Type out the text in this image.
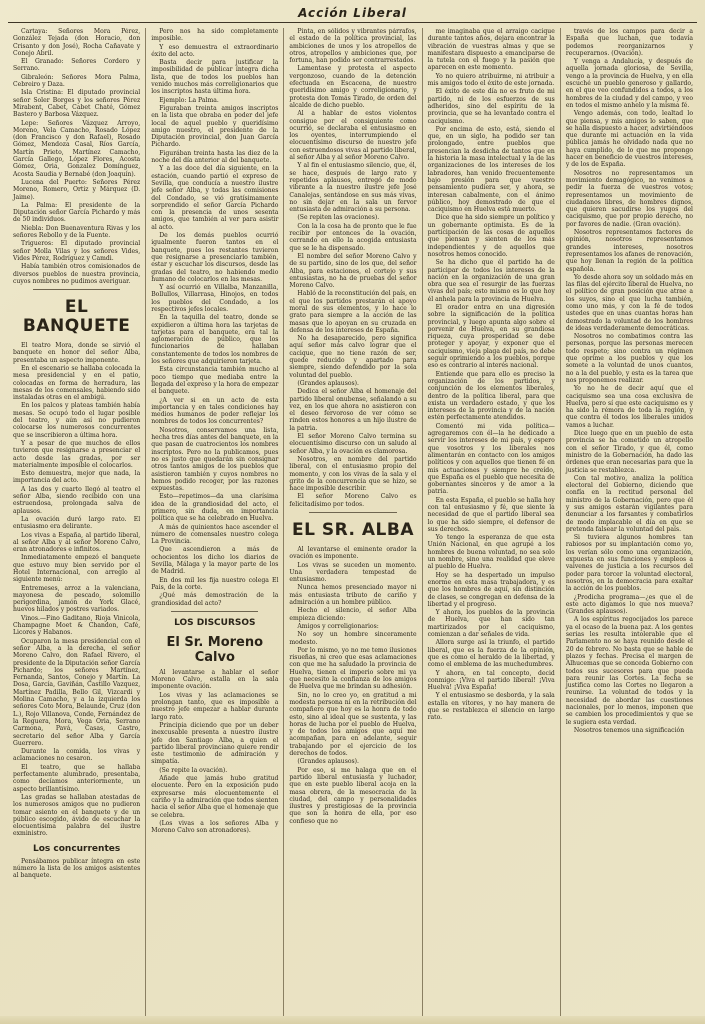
Acción Liberal

Cartaya: Señores Mora Pérez, González Tejada (don Horacio, don Crisanto y don José), Rocha Cañavate y Conejo Abril.

El Granado: Señores Cordero y Serrano.

Gibraleón: Señores Mora Palma, Cebreiro y Daza.

Isla Cristina: El diputado provincial señor Soler Borges y los señores Pérez Mirabent, Cabet, Cabet Chaté, Gómez Bastero y Barbosa Vázquez.

Lepe: Señores Vázquez Arroyo, Moreno, Vela Camacho, Rosado López (don Francisco y don Rafael), Rosado Gómez, Mendoza Casal, Ríos García, Martín Prieto, Martínez Camacho, García Gallego, López Flores, Acosta Gómez, Oria, Gonzalez Domínguez, Acosta Saudia y Bernabé (don Joaquín).

Lucena del Puerto: Señores Pérez Moreno, Romero, Ortiz y Márquez (D. Jaime).

La Palma: El presidente de la Diputación señor García Pichardo y más de 50 individuos.

Niebla: Don Buenaventura Rivas y los señores Rebollo y de la Fuente.

Trigueros: El diputado provincial señor Molla Vilas y los señores Vides, Vides Pérez, Rodríguez y Camdi.

Había también otros comisionados de diversos pueblos de nuestra provincia, cuyos nombres no pudimos averiguar.

EL BANQUETE

El teatro Mora, donde se sirvió el banquete en honor del señor Alba, presentaba un aspecto imponente.

En el escenario se hallaba colocada la mesa presidencial y en el patio, colocadas en forma de herradura, las mesas de los comensales, habiendo sido instaladas otras en el ambigú.

En los palcos y plateas también había mesas. Se ocupó todo el lugar posible del teatro, y aún así no pudieron colocarse los numerosos concurrentes que se inscribieron a última hora.

Y a pesar de que muchos de ellos tuvieron que resignarse a presenciar el acto desde las gradas, por ser materialmente imposible el colocarlos.

Esto demuestra, mejor que nada, la importancia del acto.

A las dos y cuarto llegó al teatro el señor Alba, siendo recibido con una estruendosa, prolongada salva de aplausos.

La ovación duró largo rato. El entusiasmo era delirante.

Los vivas a España, al partido liberal, al señor Alba y al señor Moreno Calvo, eran atronadores e infinitos.

Inmediatamente empezó el banquete que estuvo muy bien servido por el Hotel Internacional, con arreglo al siguiente menú:

Entremeses, arroz a la valenciana, mayonesa de pescado, solomillo perigordina, jamón de York Glacé, huevos hilados y postres variados.

Vinos.—Fino Gaditano, Rioja Vinicola, Champagne Moet & Chandon, Café, Licores y Habanos.

Ocuparon la mesa presidencial con el señor Alba, a la derecha, el señor Moreno Calvo, don Rafael Rivero, el presidente de la Diputación señor García Pichardo; los señores Martínez, Fernanda, Santos, Conejo y Martín. La Dosa, García, Gaviñán, Castillo Vazquez, Martínez Padilla, Bello Gil, Vizcardi y Molina Camacho, y a la izquierda los señores Coto Mora, Belaunde, Cruz (don L.), Rojo Villanova, Conde, Fernández de la Reguera, Mora, Vega Oria, Serrano Carmona, Pavá, Casas, Castro, secretario del señor Alba y García Guerrero.

Durante la comida, los vivas y aclamaciones no cesaron.

El teatro, que se hallaba perfectamente alumbrado, presentaba, como decíamos anteriormente, un aspecto brillantísimo.

Las gradas se hallaban atestadas de los numerosos amigos que no pudieron tomar asiento en el banquete y de un público escogido, ávido de escuchar la elocuentísima palabra del ilustre exministro.

Los concurrentes

Pensábamos publicar íntegra en este número la lista de los amigos asistentes al banquete.

Pero nos ha sido completamente imposible.

Y eso demuestra el extraordinario éxito del acto.

Basta decir para justificar la imposibilidad de publicar íntegra dicha lista, que de todos los pueblos han venido muchos más correligionarios que los inscriptos hasta última hora.

Ejemplo: La Palma.

Figuraban treinta amigos inscriptos en la lista que obraba en poder del jefe local de aquel pueblo y queridísimo amigo nuestro, el presidente de la Diputación provincial, don Juan García Pichardo.

Figurában treinta hasta las diez de la noche del día anterior al del banquete.

Y a las doce del día siguiente, en la estación, cuando partió el expreso de Sevilla, que conducía a nuestro ilustre jefe señor Alba, y todas las comisiones del Condado, se vió gratísimamente sorprendido el señor García Pichardo con la presencia de unos sesenta amigos, que también al ver para asistir al acto.

De los demás pueblos ocurrió igualmente fueron tantos en el banquete, pues los restantes tuvieron que resignarse a presenciarlo también, estar y escuchar los discursos, desde las gradas del teatro, no habiendo medio humano de colocarlos en las mesas.

Y así ocurrió en Villalba, Manzanilla, Bollullos, Villarrasa, Hinojos, en todos los pueblos del Condado, a los respectivos jefes locales.

En la taquilla del teatro, donde se expidieron a última hora las tarjetas de tarjetas para el banquete, era tal la aglomeración de público, que los funcionarios de hallaban constantemente de todos los nombres de los señores que adquirieron tarjeta.

Esta circunstancia también mucho al poco tiempo que mediaba entre la llegada del expreso y la hora de empezar el banquete.

¿A ver si en un acto de esta importancia y en tales condiciones hay medios humanos de poder reflejar los nombres de todos los concurrentes?

Nosotros, conservamos una lista, hecha tres días antes del banquete, en la que pasan de cuatrocientos los nombres inscriptos. Pero no la publicamos, pues no es justo que quedarán sin consignar otros tantos amigos de los pueblos que asistieron también y cuyos nombres no hemos podido recoger, por las razones expuestas.

Esto—repetimos—da una clarísima idea de la grandiosidad del acto, el primero, sin duda, en importancia política que se ha celebrado en Huelva.

A más de quinientos hace ascender el número de comensales nuestro colega La Provincia.

Que ascendieron a más de ochocientos los dicho los diarios de Sevilla, Málaga y la mayor parte de los de Madrid.

En dos mil les fija nuestro colega El Pais, de la corte.

¿Qué más demostración de la grandiosidad del acto?

LOS DISCURSOS
El Sr. Moreno Calvo

Al levantarse a hablar el señor Moreno Calvo, estalla en la sala imponente ovación.

Los vivas y las aclamaciones se prolongan tanto, que es imposible a nuestro jefe empezar a hablar durante largo rato.

Principia diciendo que por un deber inexcusable presenta a nuestro ilustre jefe don Santiago Alba, a quien el partido liberal provinciano quiere rendir este testimonio de admiración y simpatía.

(Se repite la ovación).

Añade que jamás hubo gratitud elocuente. Pero en la exposición pudo expresarse más elocuentemente el cariño y la admiración que todos sienten hacia el señor Alba que el homenaje que se celebra.

(Los vivas a los señores Alba y Moreno Calvo son atronadores).

Pinta, en sólidos y vibrantes párrafos, el estado de la política provincial, las ambiciones de unos y los atropellos de otros, atropellos y ambiciones que, por fortuna, han podido ser contrarrestados.

Lamentase y protesta el aspecto vergonzoso, cuando de la detención efectuada en Escacena, de nuestro queridísimo amigo y correligionario, y protesta don Tomás Tirado, de orden del alcalde de dicho pueblo.

Al a hablar de estos violentos consigue por el consiguiente como ocurrió, se declaraba el entusiasmo en los oyentes, interrumpiendo el elocuentísimo discurso de nuestro jefe con estruendosos vivas al partido liberal, al señor Alba y al señor Moreno Calvo.

Y al fin el entusiasmo silencio, que, él, se hace, después de largo rato y repetidos aplausos, entregó de modo vibrante a la nuestro ilustre jefe José Canalejas, sentándose en sus más vivas, no sin dejar en la sala un fervor entusiasta de admiración a su persona.

(Se repiten las ovaciones).

Con la la cosa ha de pronto que le fue recibir por entonces de la ovación, cerrando en ello la acogida entusiasta que se le ha dispensado.

El nombre del señor Moreno Calvo y de su partido, sino de los que, del señor Alba, para estaciones, el cortejo y sus entusiastas, no ha de pruebas del señor Moreno Calvo.

Habló de la reconstitución del país, en el que los partidos prestarán el apoyo moral de sus elementos, y lo hace lo grato para siempre a la acción de las masas que lo apoyan en su cruzada en defensa de los intereses de España.

No ha desaparecido, pero significa aquí señor más calvo lograr que el cacique, que no tiene razón de ser, quede reducido y apartado para siempre, siendo defendido por la sola voluntad del pueblo.

(Grandes aplausos).

Dedica el señor Alba el homenaje del partido liberal onubense, señalando a su vez, en los que ahora no asistieron con el deseo fervoroso de ver cómo se rinden estos honores a un hijo ilustre de la patria.

El señor Moreno Calvo termina su elocuentísimo discurso con un saludo al señor Alba, y la ovación es clamorosa.

Nosotros, en nombre del partido liberal, con el entusiasmo propio del momento, y con los vivas de la sala y el grito de la concurrencia que se hizo, se hace imposible describir.

El señor Moreno Calvo es felicitadísimo por todos.

EL SR. ALBA

Al levantarse el eminente orador la ovación es imponente.

Los vivas se suceden un momento. Una verdadera tempestad de entusiasmo.

Nunca hemos presenciado mayor ni más entusiasta tributo de cariño y admiración a un hombre público.

Hecho el silencio, el señor Alba empieza diciendo:

Amigos y correligionarios:

No soy un hombre sinceramente modesto.

Por lo mismo, yo no me temo ilusiones risueñas, ni creo que esas aclamaciones con que me ha saludado la provincia de Huelva, tienen el imperio sobre mi ya que necesito la confianza de los amigos de Huelva que me brindan su adhesión.

Sin, no lo creo yo, en gratitud a mi modesta persona ni en la retribución del compañero que hoy es la honra de todo esto, sino al ideal que se sustenta, y las horas de lucha por el pueblo de Huelva, y de todos los amigos que aquí me acompañan, para en adelante, seguir trabajando por el ejercicio de los derechos de todos.

(Grandes aplausos).

Por eso, si me halaga que en el partido liberal entusiasta y luchador, que en este pueblo liberal acoja en la masa obrera, de la mesocracia de la ciudad, del campo y personalidades ilustres y prestigiosas de la provincia que son la honra de ella, por eso confieso que no

me imaginaba que el arraigo cacique durante tantos años, dejara encontrar la vibración de vuestras almas y que se manifestara dispuesto a emanciparse de la tutela con el fuego y la pasión que aparecen en este momento.

Yo no quiero atribuirme, ni atribuir a mis amigos todo el éxito de este jornada.

El éxito de este día no es fruto de mi partido, ni de los esfuerzos de sus adheridos, sino del espíritu de la provincia, que se ha levantado contra el caciquismo.

Por encima de esto, está, siendo el que, en un siglo, ha podido ser tan prolongado, entre pueblos que presencian la desdicha de tantos que en la historia la masa intelectual y la de las organizaciones de los intereses de los labradores, han venido frecuentemente bajo presión para que vuestro pensamiento pudiera ser, y ahora, se interesan cabalmente, con el ánimo público, hoy demostrado de que el caciquismo en Huelva está muerto.

Dice que ha sido siempre un político y un gobernante optimista. Es de la participación de las cosas de aquellos que piensan y sienten de los más independientes y de aquellos que nosotros hemos conocido.

Se ha dicho que él partido ha de participar de todos los intereses de la nación en la organización de una gran obra que sea el resurgir de las fuerzas vivas del país; esto mismo es lo que hoy él anhela para la provincia de Huelva.

El orador entra en una digresión sobre la significación de la política provincial, y luego apunta algo sobre el porvenir de Huelva, en su grandiosa riqueza, cuya prosperidad se debe proteger y apoyar, y exponer que el caciquismo, vieja plaga del país, no debe seguir oprimiendo a los pueblos, porque eso es contrario al interés nacional.

Entiende que para ello es preciso la organización de los partidos, y conjunción de los elementos liberales, dentro de la política liberal, para que exista un verdadero estado, y que los intereses de la provincia y de la nación estén perfectamente atendidos.

Comentó mi vida política—agregaremos con él—la he dedicado a servir los intereses de mi país, y espero que vosotros y los liberales nos alimentarán en contacto con los amigos políticos y con aquellos que tienen fé en mis actuaciones y siempre he creído, que España es el pueblo que necesita de gobernantes sinceros y de amor a la patria.

En esta España, el pueblo se halla hoy con tal entusiasmo y fé, que siente la necesidad de que el partido liberal sea lo que ha sido siempre, el defensor de sus derechos.

Yo tengo la esperanza de que esta Unión Nacional, en que agrupé a los hombres de buena voluntad, no sea solo un nombre, sino una realidad que eleve al pueblo de Huelva.

Hoy se ha despertado un impulso enorme en esta masa trabajadora, y es que los hombres de aquí, sin distinción de clases, se congregan en defensa de la libertad y el progreso.

Y ahora, los pueblos de la provincia de Huelva, que han sido tan martirizados por el caciquismo, comienzan a dar señales de vida.

Allora surge así la triunfo, el partido liberal, que es la fuerza de la opinión, que es como el heraldo de la libertad, y como el emblema de las muchedumbres.

Y ahora, en tal concepto, decid conmigo: ¡Viva el partido liberal! ¡Viva Huelva! ¡Viva España!

Y el entusiasmo se desborda, y la sala estalla en vítores, y no hay manera de que se restablezca el silencio en largo rato.

través de los campos para decir a España que luchan, que todavía podemos reorganizarnos y recuperarnos. (Ovación).

Y venga a Andalucía, y después de aquella jornada gloriosa, de Sevilla, vengo a la provincia de Huelva, y en ella escuché un pueblo generoso y gallardo, en el que veo confundidos a todos, a los hombres de la ciudad y del campo, y veo en todos el mismo anhelo y la misma fé.

Vengo además, con todo, lealtad lo que piensa, y mis amigos lo saben, que se halla dispuesto a hacer, advirtiéndoos que durante mi actuación en la vida pública jamás he olvidado nada que no haya cumplido, de lo que me propongo hacer en beneficio de vuestros intereses, y de los de España.

Nosotros no representamos un movimiento demagógico, no venimos a pedir la fuerza de vuestros votos; representamos un movimiento de ciudadanos libres, de hombres dignos, que quieren sacudirse los yugos del caciquismo, que por propio derecho, no por favores de nadie. (Gran ovación).

Nosotros representamos factores de opinión, nosotros representamos grandes intereses, nosotros representamos los afanes de renovación, que hoy llenan la región de la política española.

Yo desde ahora soy un soldado más en las filas del ejército liberal de Huelva, no el político de gran posición que atrae a los suyos, sino el que lucha también, como uno más, y con la fé de todos ustedes que en unas cuantas horas han demostrado la voluntad de los hombres de ideas verdaderamente democráticas.

Nosotros no combatimos contra las personas, porque las personas merecen todo respeto; sino contra un régimen que oprime a los pueblos y que los somete a la voluntad de unos cuantos, no a la del pueblo, y esta es la tarea que nos proponemos realizar.

Yo no he de decir aquí que el caciquismo sea una cosa exclusiva de Huelva, pero sí que este caciquismo es y ha sido la rémora de toda la región, y que contra él todos los liberales unidos vamos a luchar.

Dice luego que en un pueblo de esta provincia se ha cometido un atropello con el señor Tirado, y que él, como ministro de la Gobernación, ha dado las órdenes que eran necesarias para que la justicia se restablezca.

Con tal motivo, analiza la política electoral del Gobierno, diciendo que confía en la rectitud personal del ministro de la Gobernación, pero que él y sus amigos estarán vigilantes para denunciar a los farsantes y combatirlos de modo implacable el día en que se pretenda falsear la voluntad del país.

Si tuviera algunos hombres tan rabiosos por su implantación como yo, los verían sólo como una organización, expuesta en sus funciones y empleos a vaivenes de justicia a los recursos del poder para torcer la voluntad electoral, nosotros, en la democracia para exaltar la acción de los pueblos.

¿Prodicha programa—¿es que el de este acto digamos lo que nos mueva? (Grandes aplausos).

A los espíritus regocijados los parece ya el ocaso de la buena paz. A los gentes serias les resulta intolerable que el Parlamento no se haya reunido desde el 20 de febrero. No basta que se hable de plazos y fechas. Precisa el margen de Alhucemas que se conceda Gobierno con todos sus sucesores para que pueda para reunir las Cortes. La fecha se justifica como las Cortes no llegaron a reunirse. La voluntad de todos y la necesidad de abordar las cuestiones nacionales, por lo menos, imponen que se cambien los procedimientos y que se le sugiera esta verdad.

Nosotros tenemos una significación
